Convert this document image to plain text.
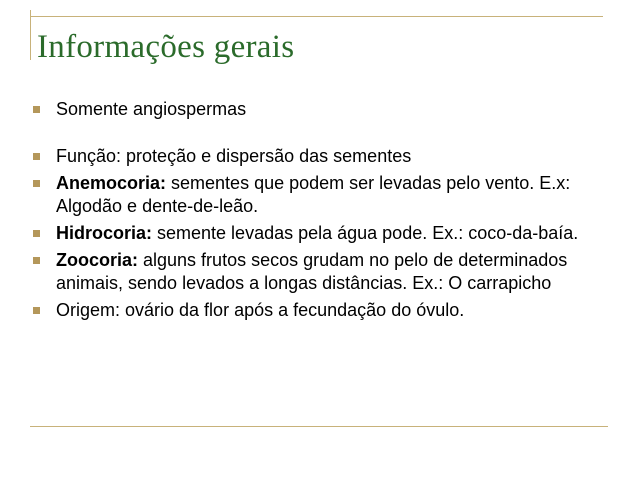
Informações gerais
Somente angiospermas
Função: proteção e dispersão das sementes
Anemocoria: sementes que podem ser levadas pelo vento. E.x: Algodão e dente-de-leão.
Hidrocoria: semente levadas pela água pode. Ex.: coco-da-baía.
Zoocoria: alguns frutos secos grudam no pelo de determinados animais, sendo levados a longas distâncias. Ex.: O carrapicho
Origem: ovário da flor após a fecundação do óvulo.
